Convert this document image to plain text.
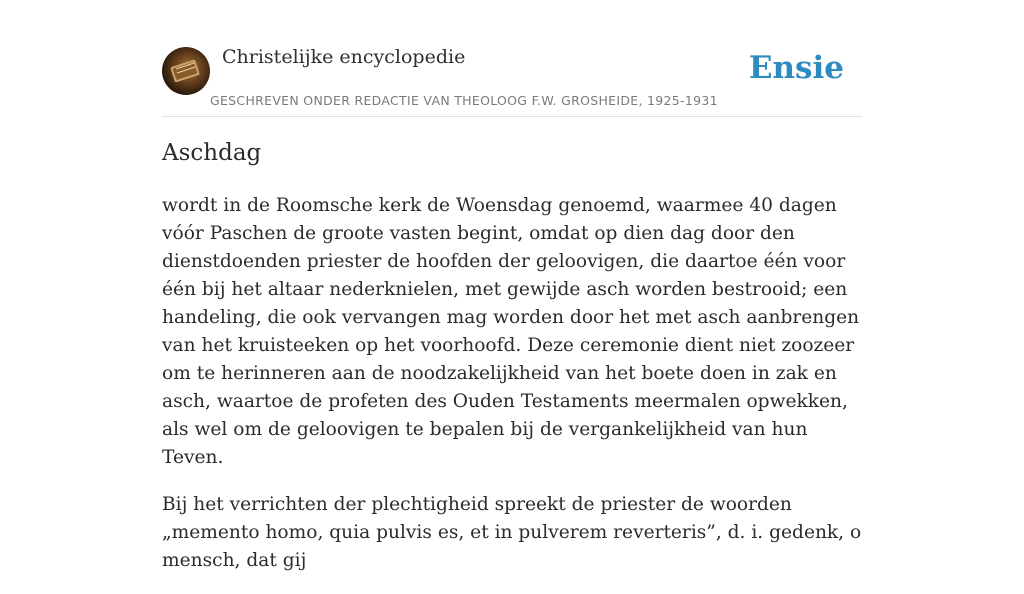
Christelijke encyclopedie
GESCHREVEN ONDER REDACTIE VAN THEOLOOG F.W. GROSHEIDE, 1925-1931
Ensie
Aschdag

wordt in de Roomsche kerk de Woensdag genoemd, waarmee 40 dagen vóór Paschen de groote vasten begint, omdat op dien dag door den dienstdoenden priester de hoofden der geloovigen, die daartoe één voor één bij het altaar nederknielen, met gewijde asch worden bestrooid; een handeling, die ook vervangen mag worden door het met asch aanbrengen van het kruisteeken op het voorhoofd. Deze ceremonie dient niet zoozeer om te herinneren aan de noodzakelijkheid van het boete doen in zak en asch, waartoe de profeten des Ouden Testaments meermalen opwekken, als wel om de geloovigen te bepalen bij de vergankelijkheid van hun Teven.

Bij het verrichten der plechtigheid spreekt de priester de woorden „memento homo, quia pulvis es, et in pulverem reverteris”, d. i. gedenk, o mensch, dat gij
